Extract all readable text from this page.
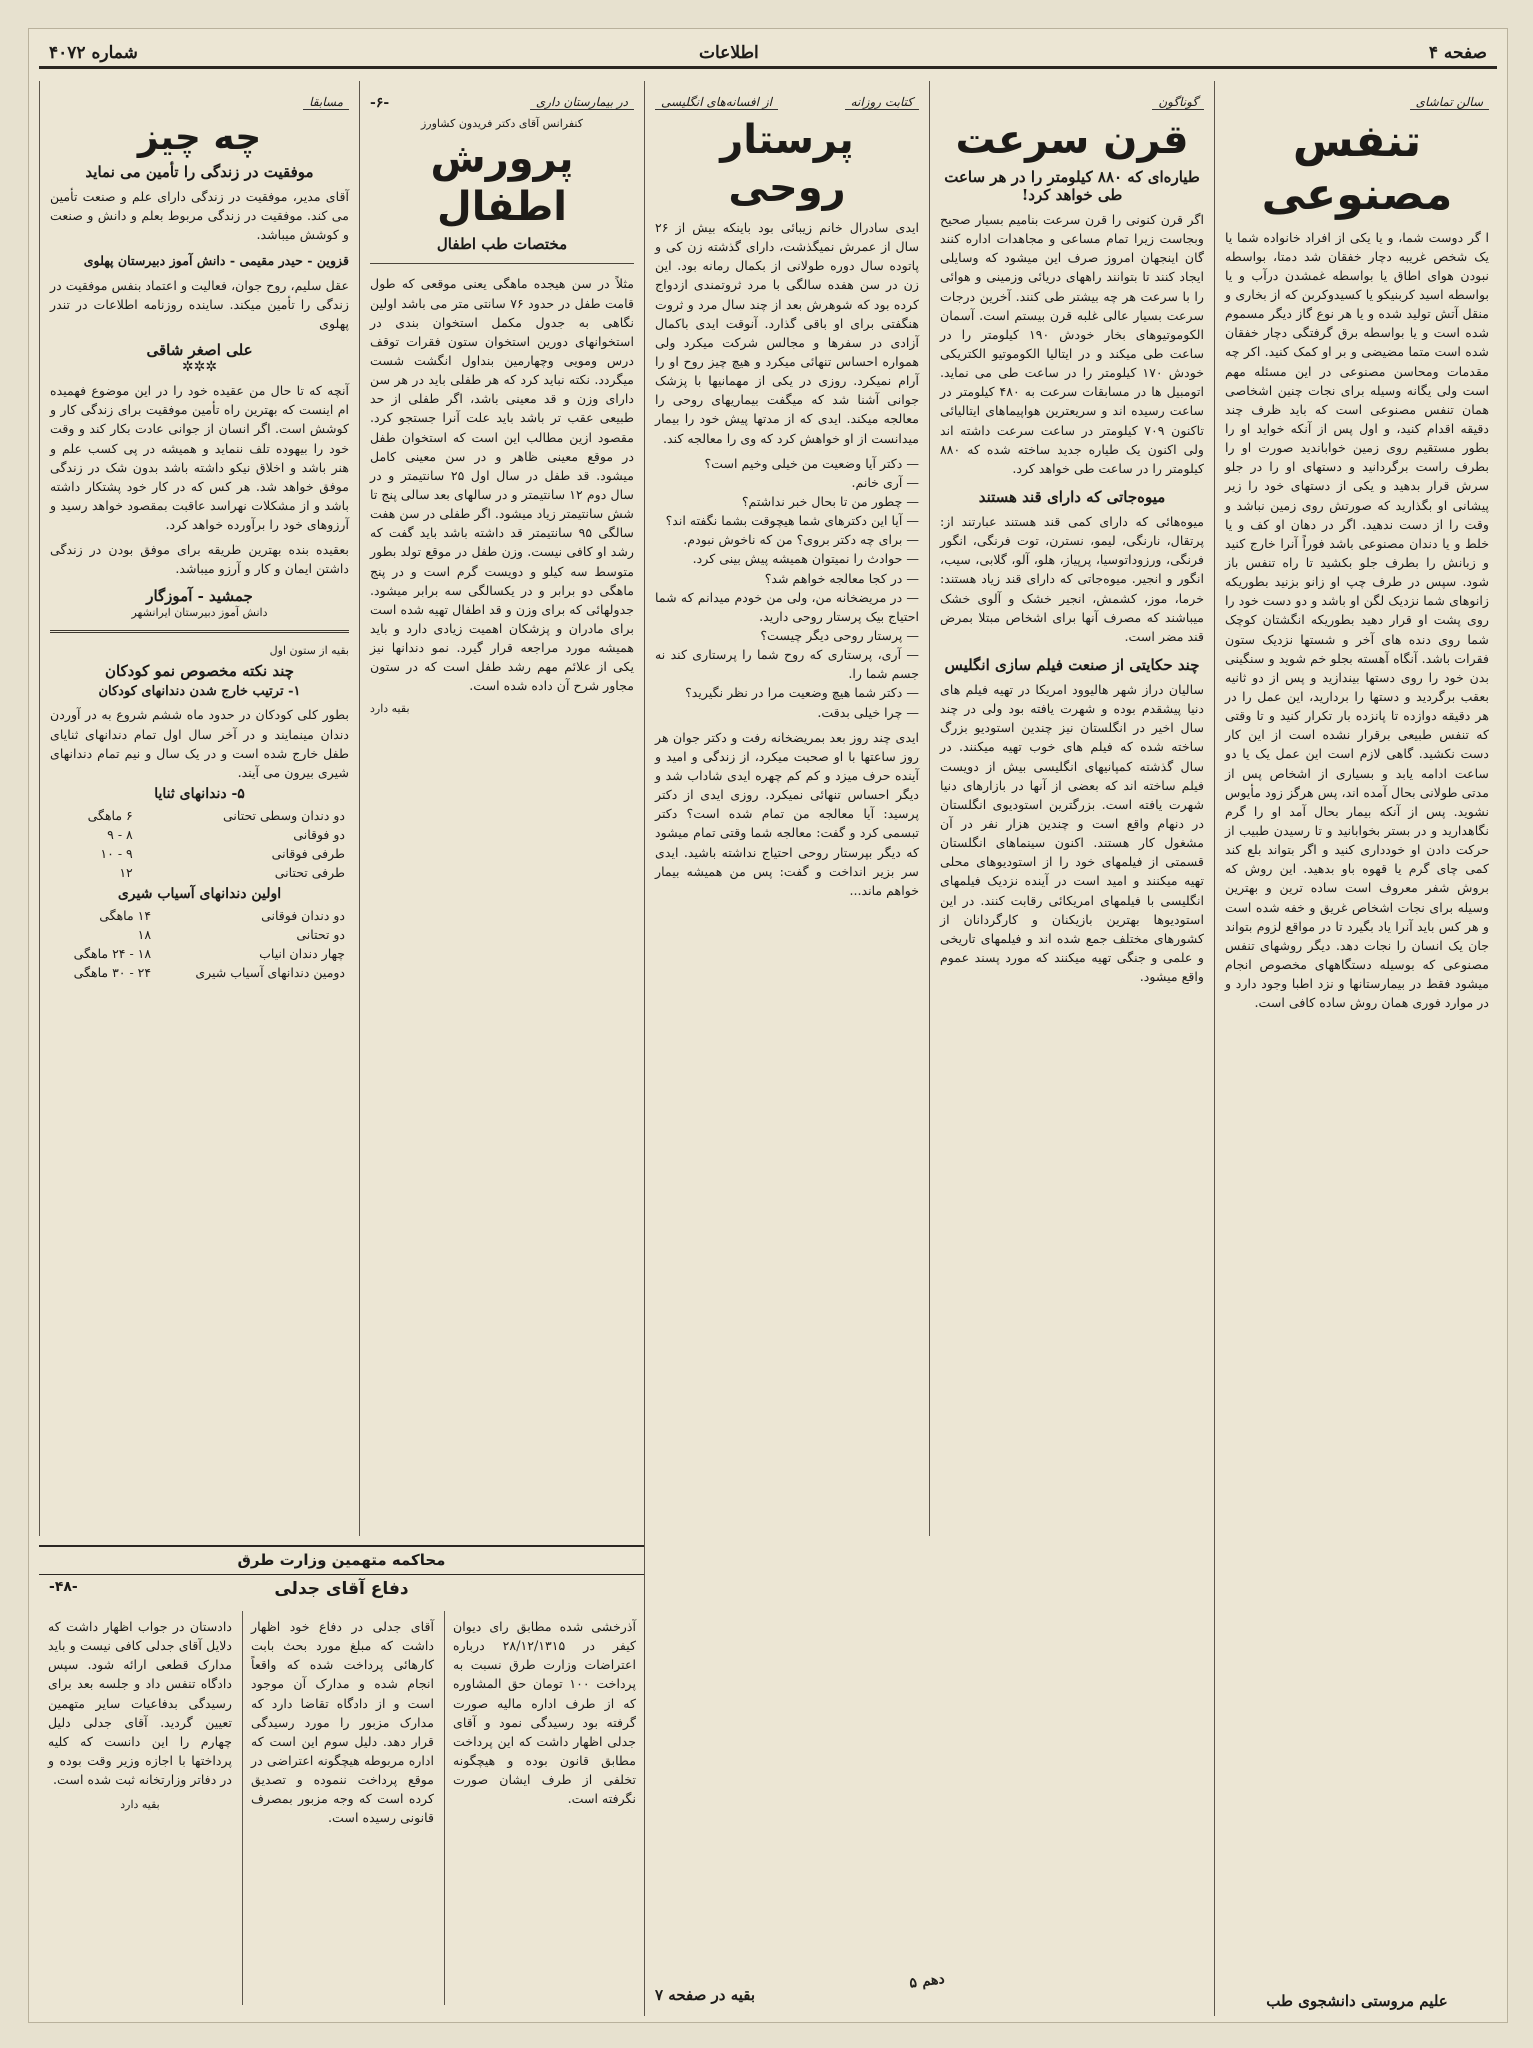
شماره ۴۰۷۲	اطلاعات	صفحه ۴
سالن تماشای
تنفس مصنوعی
ا گر دوست شما، و یا یکی از افراد خانواده شما یا یک شخص غریبه دچار خفقان شد دمتا، بواسطه نبودن هوای اطاق یا بواسطه غمشدن درآب و یا بواسطه اسید کربنیکو یا کسیدوکربن که از بخاری و منقل آتش تولید شده و یا هر نوع گاز دیگر مسموم شده است و یا بواسطه برق گرفتگی دچار خفقان شده است متما مضیضی و بر او کمک کنید. اکر چه مقدمات ومحاسن مصنوعی در این مسئله مهم است ولی یگانه وسیله برای نجات چنین اشخاصی همان تنفس مصنوعی است که باید ظرف چند دقیقه اقدام کنید، و اول پس از آنکه خواید او را بطور مستقیم روی زمین خواباندید صورت او را بطرف راست برگردانید و دستهای او را در جلو سرش قرار بدهید و یکی از دستهای خود را زیر پیشانی او بگذارید که صورتش روی زمین نباشد و وقت را از دست ندهید. اگر در دهان او کف و یا خلط و یا دندان مصنوعی باشد فوراً آنرا خارج کنید و زبانش را بطرف جلو بکشید تا راه تنفس باز شود. سپس در طرف چپ او زانو بزنید بطوریکه زانوهای شما نزدیک لگن او باشد و دو دست خود را روی پشت او قرار دهید بطوریکه انگشتان کوچک شما روی دنده های آخر و شستها نزدیک ستون فقرات باشد. آنگاه آهسته بجلو خم شوید و سنگینی بدن خود را روی دستها بیندازید و پس از دو ثانیه بعقب برگردید و دستها را بردارید، این عمل را در هر دقیقه دوازده تا پانزده بار تکرار کنید و تا وقتی که تنفس طبیعی برقرار نشده است از این کار دست نکشید. گاهی لازم است این عمل یک یا دو ساعت ادامه یابد و بسیاری از اشخاص پس از مدتی طولانی بحال آمده اند، پس هرگز زود مأیوس نشوید. پس از آنکه بیمار بحال آمد او را گرم نگاهدارید و در بستر بخوابانید و تا رسیدن طبیب از حرکت دادن او خودداری کنید و اگر بتواند بلع کند کمی چای گرم یا قهوه باو بدهید. این روش که بروش شفر معروف است ساده ترین و بهترین وسیله برای نجات اشخاص غریق و خفه شده است و هر کس باید آنرا یاد بگیرد تا در مواقع لزوم بتواند جان یک انسان را نجات دهد. دیگر روشهای تنفس مصنوعی که بوسیله دستگاههای مخصوص انجام میشود فقط در بیمارستانها و نزد اطبا وجود دارد و در موارد فوری همان روش ساده کافی است.
علیم مروستی دانشجوی طب
گوناگون
قرن سرعت
طیاره‌ای که ۸۸۰ کیلومتر را در هر ساعت طی خواهد کرد!
اگر قرن کنونی را قرن سرعت بنامیم بسیار صحیح وبجاست زیرا تمام مساعی و مجاهدات اداره کنند گان اینجهان امروز صرف این میشود که وسایلی ایجاد کنند تا بتوانند راههای دریائی وزمینی و هوائی را با سرعت هر چه بیشتر طی کنند. آخرین درجات سرعت بسیار عالی غلبه قرن بیستم است. آسمان الکوموتیوهای بخار خودش ۱۹۰ کیلومتر را در ساعت طی میکند و در ایتالیا الکوموتیو الکتریکی خودش ۱۷۰ کیلومتر را در ساعت طی می نماید. اتومبیل ها در مسابقات سرعت به ۴۸۰ کیلومتر در ساعت رسیده اند و سریعترین هواپیماهای ایتالیائی تاکنون ۷۰۹ کیلومتر در ساعت سرعت داشته اند ولی اکنون یک طیاره جدید ساخته شده که ۸۸۰ کیلومتر را در ساعت طی خواهد کرد.
میوه‌جاتی که دارای قند هستند
میوه‌هائی که دارای کمی قند هستند عبارتند از: پرتقال، نارنگی، لیمو، نسترن، توت فرنگی، انگور فرنگی، ورزوداتوسیا، پرپیاز، هلو، آلو، گلابی، سیب، انگور و انجیر. میوه‌جاتی که دارای قند زیاد هستند: خرما، موز، کشمش، انجیر خشک و آلوی خشک میباشند که مصرف آنها برای اشخاص مبتلا بمرض قند مضر است.
چند حکایتی از صنعت فیلم سازی انگلیس
سالیان دراز شهر هالیوود امریکا در تهیه فیلم های دنیا پیشقدم بوده و شهرت یافته بود ولی در چند سال اخیر در انگلستان نیز چندین استودیو بزرگ ساخته شده که فیلم های خوب تهیه میکنند. در سال گذشته کمپانیهای انگلیسی بیش از دویست فیلم ساخته اند که بعضی از آنها در بازارهای دنیا شهرت یافته است. بزرگترین استودیوی انگلستان در دنهام واقع است و چندین هزار نفر در آن مشغول کار هستند. اکنون سینماهای انگلستان قسمتی از فیلمهای خود را از استودیوهای محلی تهیه میکنند و امید است در آینده نزدیک فیلمهای انگلیسی با فیلمهای امریکائی رقابت کنند. در این استودیوها بهترین بازیکنان و کارگردانان از کشورهای مختلف جمع شده اند و فیلمهای تاریخی و علمی و جنگی تهیه میکنند که مورد پسند عموم واقع میشود.
کتابت روزانه
از افسانه‌های انگلیسی
پرستار روحی
ایدی سادرال خانم زیبائی بود باینکه بیش از ۲۶ سال از عمرش نمیگذشت، دارای گذشته زن کی و پاتوده سال دوره طولانی از بکمال رمانه بود. این زن در سن هفده سالگی با مرد ثروتمندی ازدواج کرده بود که شوهرش بعد از چند سال مرد و ثروت هنگفتی برای او باقی گذارد. آنوقت ایدی باکمال آزادی در سفرها و مجالس شرکت میکرد ولی همواره احساس تنهائی میکرد و هیچ چیز روح او را آرام نمیکرد. روزی در یکی از مهمانیها با پزشک جوانی آشنا شد که میگفت بیماریهای روحی را معالجه میکند. ایدی که از مدتها پیش خود را بیمار میدانست از او خواهش کرد که وی را معالجه کند.
— دکتر آیا وضعیت من خیلی وخیم است؟
— آری خانم.
— چطور من تا بحال خبر نداشتم؟
— آیا این دکترهای شما هیچوقت بشما نگفته اند؟
— برای چه دکتر بروی؟ من که ناخوش نبودم.
— حوادث را نمیتوان همیشه پیش بینی کرد.
— در کجا معالجه خواهم شد؟
— در مریضخانه من، ولی من خودم میدانم که شما احتیاج بیک پرستار روحی دارید.
— پرستار روحی دیگر چیست؟
— آری، پرستاری که روح شما را پرستاری کند نه جسم شما را.
— دکتر شما هیچ وضعیت مرا در نظر نگیرید؟
— چرا خیلی بدقت.
ایدی چند روز بعد بمریضخانه رفت و دکتر جوان هر روز ساعتها با او صحبت میکرد، از زندگی و امید و آینده حرف میزد و کم کم چهره ایدی شاداب شد و دیگر احساس تنهائی نمیکرد. روزی ایدی از دکتر پرسید: آیا معالجه من تمام شده است؟ دکتر تبسمی کرد و گفت: معالجه شما وقتی تمام میشود که دیگر بپرستار روحی احتیاج نداشته باشید. ایدی سر بزیر انداخت و گفت: پس من همیشه بیمار خواهم ماند...
بقیه در صفحه ۷
در بیمارستان داری
-۶-
کنفرانس آقای دکتر فریدون کشاورز
پرورش اطفال
مختصات طب اطفال
مثلاً در سن هیجده ماهگی یعنی موقعی که طول قامت طفل در حدود ۷۶ سانتی متر می باشد اولین نگاهی به جدول مکمل استخوان بندی در استخوانهای دورین استخوان ستون فقرات توقف درس ومویی وچهارمین بنداول انگشت شست میگردد. نکته نباید کرد که هر طفلی باید در هر سن دارای وزن و قد معینی باشد، اگر طفلی از حد طبیعی عقب تر باشد باید علت آنرا جستجو کرد. مقصود ازین مطالب این است که استخوان طفل در موقع معینی ظاهر و در سن معینی کامل میشود. قد طفل در سال اول ۲۵ سانتیمتر و در سال دوم ۱۲ سانتیمتر و در سالهای بعد سالی پنج تا شش سانتیمتر زیاد میشود. اگر طفلی در سن هفت سالگی ۹۵ سانتیمتر قد داشته باشد باید گفت که رشد او کافی نیست. وزن طفل در موقع تولد بطور متوسط سه کیلو و دویست گرم است و در پنج ماهگی دو برابر و در یکسالگی سه برابر میشود. جدولهائی که برای وزن و قد اطفال تهیه شده است برای مادران و پزشکان اهمیت زیادی دارد و باید همیشه مورد مراجعه قرار گیرد. نمو دندانها نیز یکی از علائم مهم رشد طفل است که در ستون مجاور شرح آن داده شده است.
بقیه دارد
مسابقا
چه چیز
موفقیت در زندگی را تأمین می نماید
آقای مدیر، موفقیت در زندگی دارای علم و صنعت تأمین می کند. موفقیت در زندگی مربوط بعلم و دانش و صنعت و کوشش میباشد.
قزوین - حیدر مقیمی - دانش آموز دبیرستان پهلوی
عقل سلیم، روح جوان، فعالیت و اعتماد بنفس موفقیت در زندگی را تأمین میکند. ساینده روزنامه اطلاعات در تندر پهلوی
علی اصغر شاقی
✲✲✲
آنچه که تا حال من عقیده خود را در این موضوع فهمیده ام اینست که بهترین راه تأمین موفقیت برای زندگی کار و کوشش است. اگر انسان از جوانی عادت بکار کند و وقت خود را بیهوده تلف ننماید و همیشه در پی کسب علم و هنر باشد و اخلاق نیکو داشته باشد بدون شک در زندگی موفق خواهد شد. هر کس که در کار خود پشتکار داشته باشد و از مشکلات نهراسد عاقبت بمقصود خواهد رسید و آرزوهای خود را برآورده خواهد کرد.
بعقیده بنده بهترین طریقه برای موفق بودن در زندگی داشتن ایمان و کار و آرزو میباشد.
جمشید - آموزگار
دانش آموز دبیرستان ایرانشهر
بقیه از ستون اول
چند نکته مخصوص نمو کودکان
۱- ترتیب خارج شدن دندانهای کودکان
بطور کلی کودکان در حدود ماه ششم شروع به در آوردن دندان مینمایند و در آخر سال اول تمام دندانهای ثنایای طفل خارج شده است و در یک سال و نیم تمام دندانهای شیری بیرون می آیند.
۵- دندانهای ثنایا
دو دندان وسطی تحتانی	۶ ماهگی
دو فوقانی	۸ - ۹
طرفی فوقانی	۹ - ۱۰
طرفی تحتانی	۱۲
اولین دندانهای آسیاب شیری
دو دندان فوقانی	۱۴ ماهگی
دو تحتانی	۱۸
چهار دندان انیاب	۱۸ - ۲۴ ماهگی
دومین دندانهای آسیاب شیری	۲۴ - ۳۰ ماهگی
محاکمه متهمین وزارت طرق
دفاع آقای جدلی
-۴۸-
آذرخشی شده مطابق رای دیوان کیفر در ۲۸/۱۲/۱۳۱۵ درباره اعتراضات وزارت طرق نسبت به پرداخت ۱۰۰ تومان حق المشاوره که از طرف اداره مالیه صورت گرفته بود رسیدگی نمود و آقای جدلی اظهار داشت که این پرداخت مطابق قانون بوده و هیچگونه تخلفی از طرف ایشان صورت نگرفته است.
آقای جدلی در دفاع خود اظهار داشت که مبلغ مورد بحث بابت کارهائی پرداخت شده که واقعاً انجام شده و مدارک آن موجود است و از دادگاه تقاضا دارد که مدارک مزبور را مورد رسیدگی قرار دهد. دلیل سوم این است که اداره مربوطه هیچگونه اعتراضی در موقع پرداخت ننموده و تصدیق کرده است که وجه مزبور بمصرف قانونی رسیده است.
دادستان در جواب اظهار داشت که دلایل آقای جدلی کافی نیست و باید مدارک قطعی ارائه شود. سپس دادگاه تنفس داد و جلسه بعد برای رسیدگی بدفاعیات سایر متهمین تعیین گردید. آقای جدلی دلیل چهارم را این دانست که کلیه پرداختها با اجازه وزیر وقت بوده و در دفاتر وزارتخانه ثبت شده است.
بقیه دارد
دهم ۵
